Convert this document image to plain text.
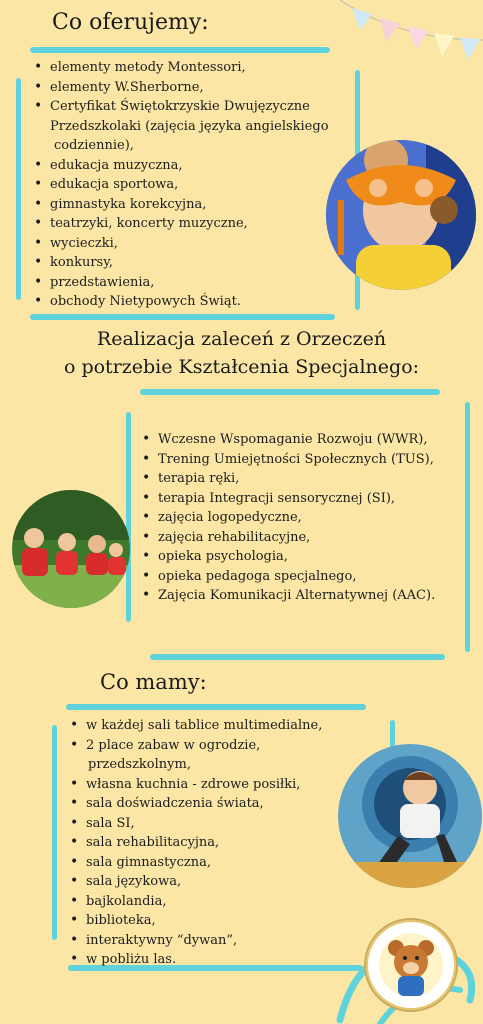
Co oferujemy:
• elementy metody Montessori,
• elementy W.Sherborne,
• Certyfikat Świętokrzyskie Dwujęzyczne
Przedszkolaki (zajęcia języka angielskiego
codziennie),
• edukacja muzyczna,
• edukacja sportowa,
• gimnastyka korekcyjna,
• teatrzyki, koncerty muzyczne,
• wycieczki,
• konkursy,
• przedstawienia,
• obchody Nietypowych Świąt.
Realizacja zaleceń z Orzeczeń
o potrzebie Kształcenia Specjalnego:
• Wczesne Wspomaganie Rozwoju (WWR),
• Trening Umiejętności Społecznych (TUS),
• terapia ręki,
• terapia Integracji sensorycznej (SI),
• zajęcia logopedyczne,
• zajęcia rehabilitacyjne,
• opieka psychologia,
• opieka pedagoga specjalnego,
• Zajęcia Komunikacji Alternatywnej (AAC).
Co mamy:
• w każdej sali tablice multimedialne,
• 2 place zabaw w ogrodzie,
przedszkolnym,
• własna kuchnia - zdrowe posiłki,
• sala doświadczenia świata,
• sala SI,
• sala rehabilitacyjna,
• sala gimnastyczna,
• sala językowa,
• bajkolandia,
• biblioteka,
• interaktywny “dywan”,
• w pobliżu las.
